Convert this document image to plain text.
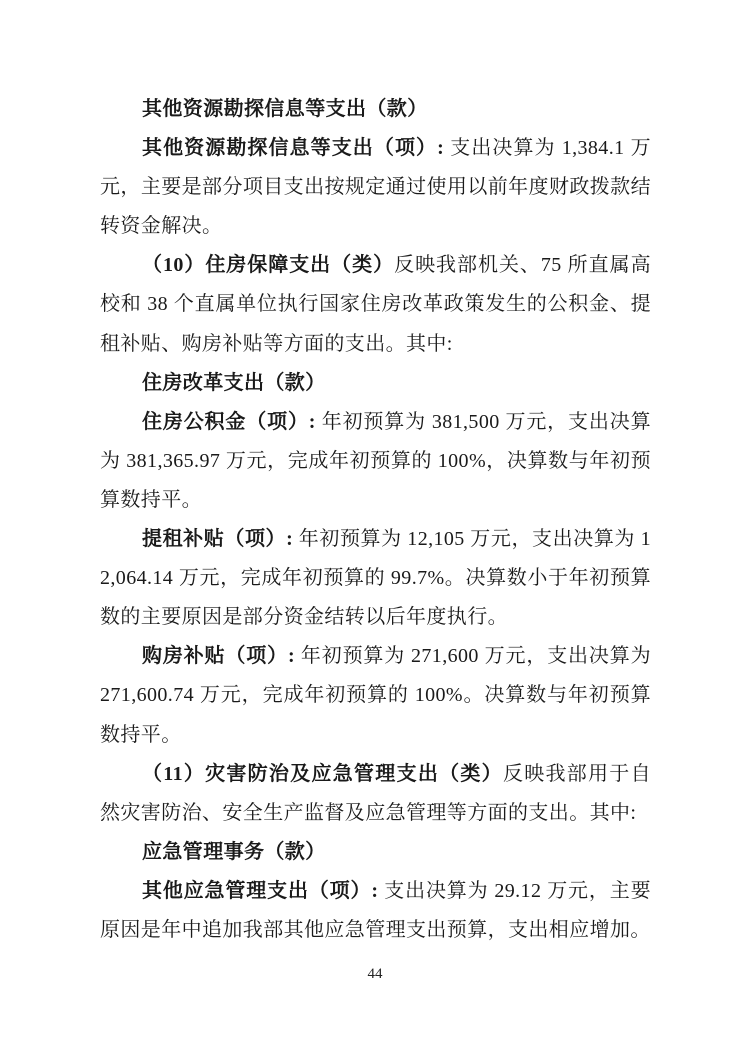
其他资源勘探信息等支出（款）

其他资源勘探信息等支出（项）: 支出决算为 1,384.1 万元，主要是部分项目支出按规定通过使用以前年度财政拨款结转资金解决。

（10）住房保障支出（类）反映我部机关、75 所直属高校和 38 个直属单位执行国家住房改革政策发生的公积金、提租补贴、购房补贴等方面的支出。其中:

住房改革支出（款）

住房公积金（项）: 年初预算为 381,500 万元，支出决算为 381,365.97 万元，完成年初预算的 100%，决算数与年初预算数持平。

提租补贴（项）: 年初预算为 12,105 万元，支出决算为 12,064.14 万元，完成年初预算的 99.7%。决算数小于年初预算数的主要原因是部分资金结转以后年度执行。

购房补贴（项）: 年初预算为 271,600 万元，支出决算为 271,600.74 万元，完成年初预算的 100%。决算数与年初预算数持平。

（11）灾害防治及应急管理支出（类）反映我部用于自然灾害防治、安全生产监督及应急管理等方面的支出。其中:

应急管理事务（款）

其他应急管理支出（项）: 支出决算为 29.12 万元，主要原因是年中追加我部其他应急管理支出预算，支出相应增加。

44
